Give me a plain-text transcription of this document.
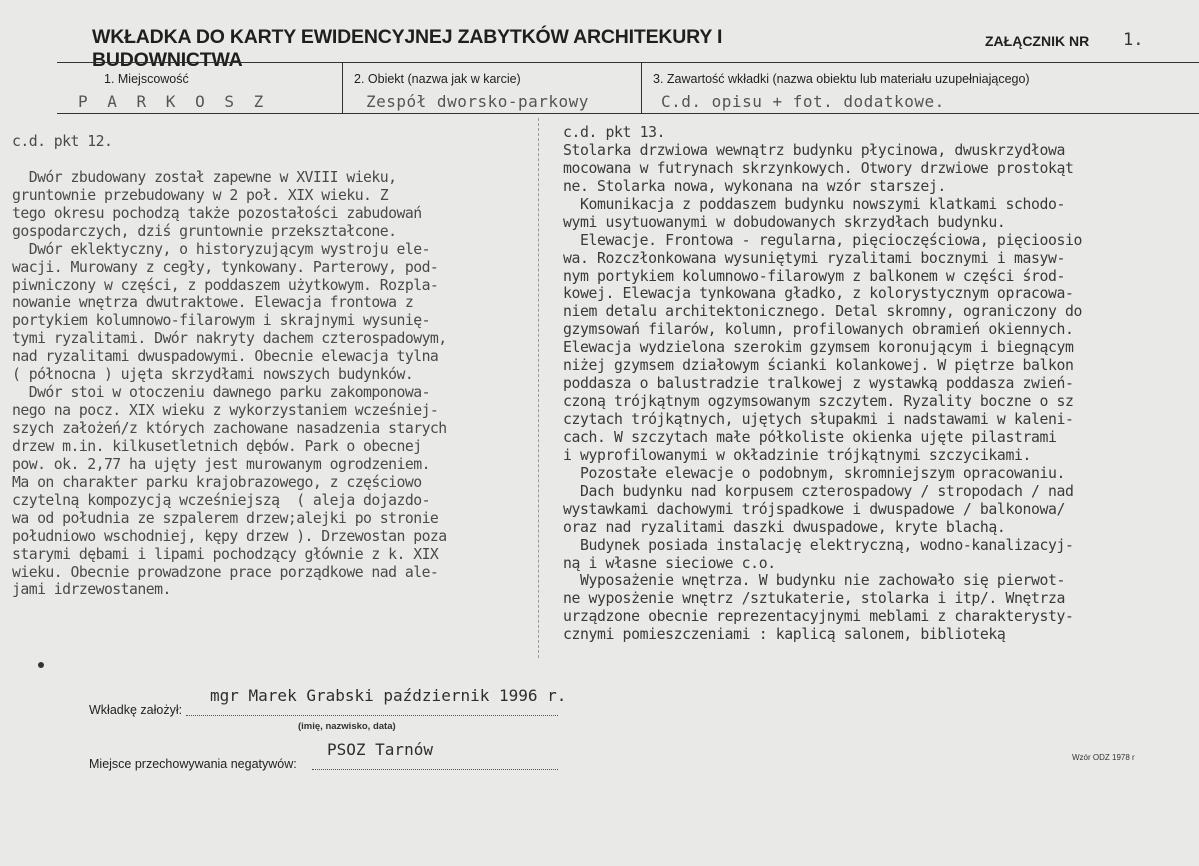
WKŁADKA DO KARTY EWIDENCYJNEJ ZABYTKÓW ARCHITEKURY I BUDOWNICTWA
ZAŁĄCZNIK NR 1.
1. Miejscowość	2. Obiekt (nazwa jak w karcie)	3. Zawartość wkładki (nazwa obiektu lub materiału uzupełniającego)
P A R K O S Z	Zespół dworsko-parkowy	C.d. opisu + fot. dodatkowe.
c.d. pkt 12.
Dwór zbudowany został zapewne w XVIII wieku,
gruntownie przebudowany w 2 poł. XIX wieku. Z
tego okresu pochodzą także pozostałości zabudowań
gospodarczych, dziś gruntownie przekształcone.
Dwór eklektyczny, o historyzującym wystroju ele-
wacji. Murowany z cegły, tynkowany. Parterowy, pod-
piwniczony w części, z poddaszem użytkowym. Rozpla-
nowanie wnętrza dwutraktowe. Elewacja frontowa z
portykiem kolumnowo-filarowym i skrajnymi wysunię-
tymi ryzalitami. Dwór nakryty dachem czterospadowym,
nad ryzalitami dwuspadowymi. Obecnie elewacja tylna
( północna ) ujęta skrzydłami nowszych budynków.
Dwór stoi w otoczeniu dawnego parku zakomponowa-
nego na pocz. XIX wieku z wykorzystaniem wcześniej-
szych założeń/z których zachowane nasadzenia starych
drzew m.in. kilkusetletnich dębów. Park o obecnej
pow. ok. 2,77 ha ujęty jest murowanym ogrodzeniem.
Ma on charakter parku krajobrazowego, z częściowo
czytelną kompozycją wcześniejszą  ( aleja dojazdo-
wa od południa ze szpalerem drzew;alejki po stronie
południowo wschodniej, kępy drzew ). Drzewostan poza
starymi dębami i lipami pochodzący głównie z k. XIX
wieku. Obecnie prowadzone prace porządkowe nad ale-
jami idrzewostanem.
c.d. pkt 13.
Stolarka drzwiowa wewnątrz budynku płycinowa, dwuskrzydłowa
mocowana w futrynach skrzynkowych. Otwory drzwiowe prostokąt
ne. Stolarka nowa, wykonana na wzór starszej.
Komunikacja z poddaszem budynku nowszymi klatkami schodo-
wymi usytuowanymi w dobudowanych skrzydłach budynku.
Elewacje. Frontowa - regularna, pięcioczęściowa, pięcioosio
wa. Rozczłonkowana wysuniętymi ryzalitami bocznymi i masyw-
nym portykiem kolumnowo-filarowym z balkonem w części środ-
kowej. Elewacja tynkowana gładko, z kolorystycznym opracowa-
niem detalu architektonicznego. Detal skromny, ograniczony do
gzymsowań filarów, kolumn, profilowanych obramień okiennych.
Elewacja wydzielona szerokim gzymsem koronującym i biegnącym
niżej gzymsem działowym ścianki kolankowej. W piętrze balkon
poddasza o balustradzie tralkowej z wystawką poddasza zwień-
czoną trójkątnym ogzymsowanym szczytem. Ryzality boczne o sz
czytach trójkątnych, ujętych słupakmi i nadstawami w kaleni-
cach. W szczytach małe półkoliste okienka ujęte pilastrami
i wyprofilowanymi w okładzinie trójkątnymi szczycikami.
Pozostałe elewacje o podobnym, skromniejszym opracowaniu.
Dach budynku nad korpusem czterospadowy / stropodach / nad
wystawkami dachowymi trójspadkowe i dwuspadowe / balkonowa/
oraz nad ryzalitami daszki dwuspadowe, kryte blachą.
Budynek posiada instalację elektryczną, wodno-kanalizacyj-
ną i własne sieciowe c.o.
Wyposażenie wnętrza. W budynku nie zachowało się pierwot-
ne wyposżenie wnętrz /sztukaterie, stolarka i itp/. Wnętrza
urządzone obecnie reprezentacyjnymi meblami z charakterysty-
cznymi pomieszczeniami : kaplicą salonem, biblioteką
mgr Marek Grabski październik 1996 r.
Wkładkę założył:
(imię, nazwisko, data)
PSOZ Tarnów
Miejsce przechowywania negatywów:	Wzór ODZ 1978 r
